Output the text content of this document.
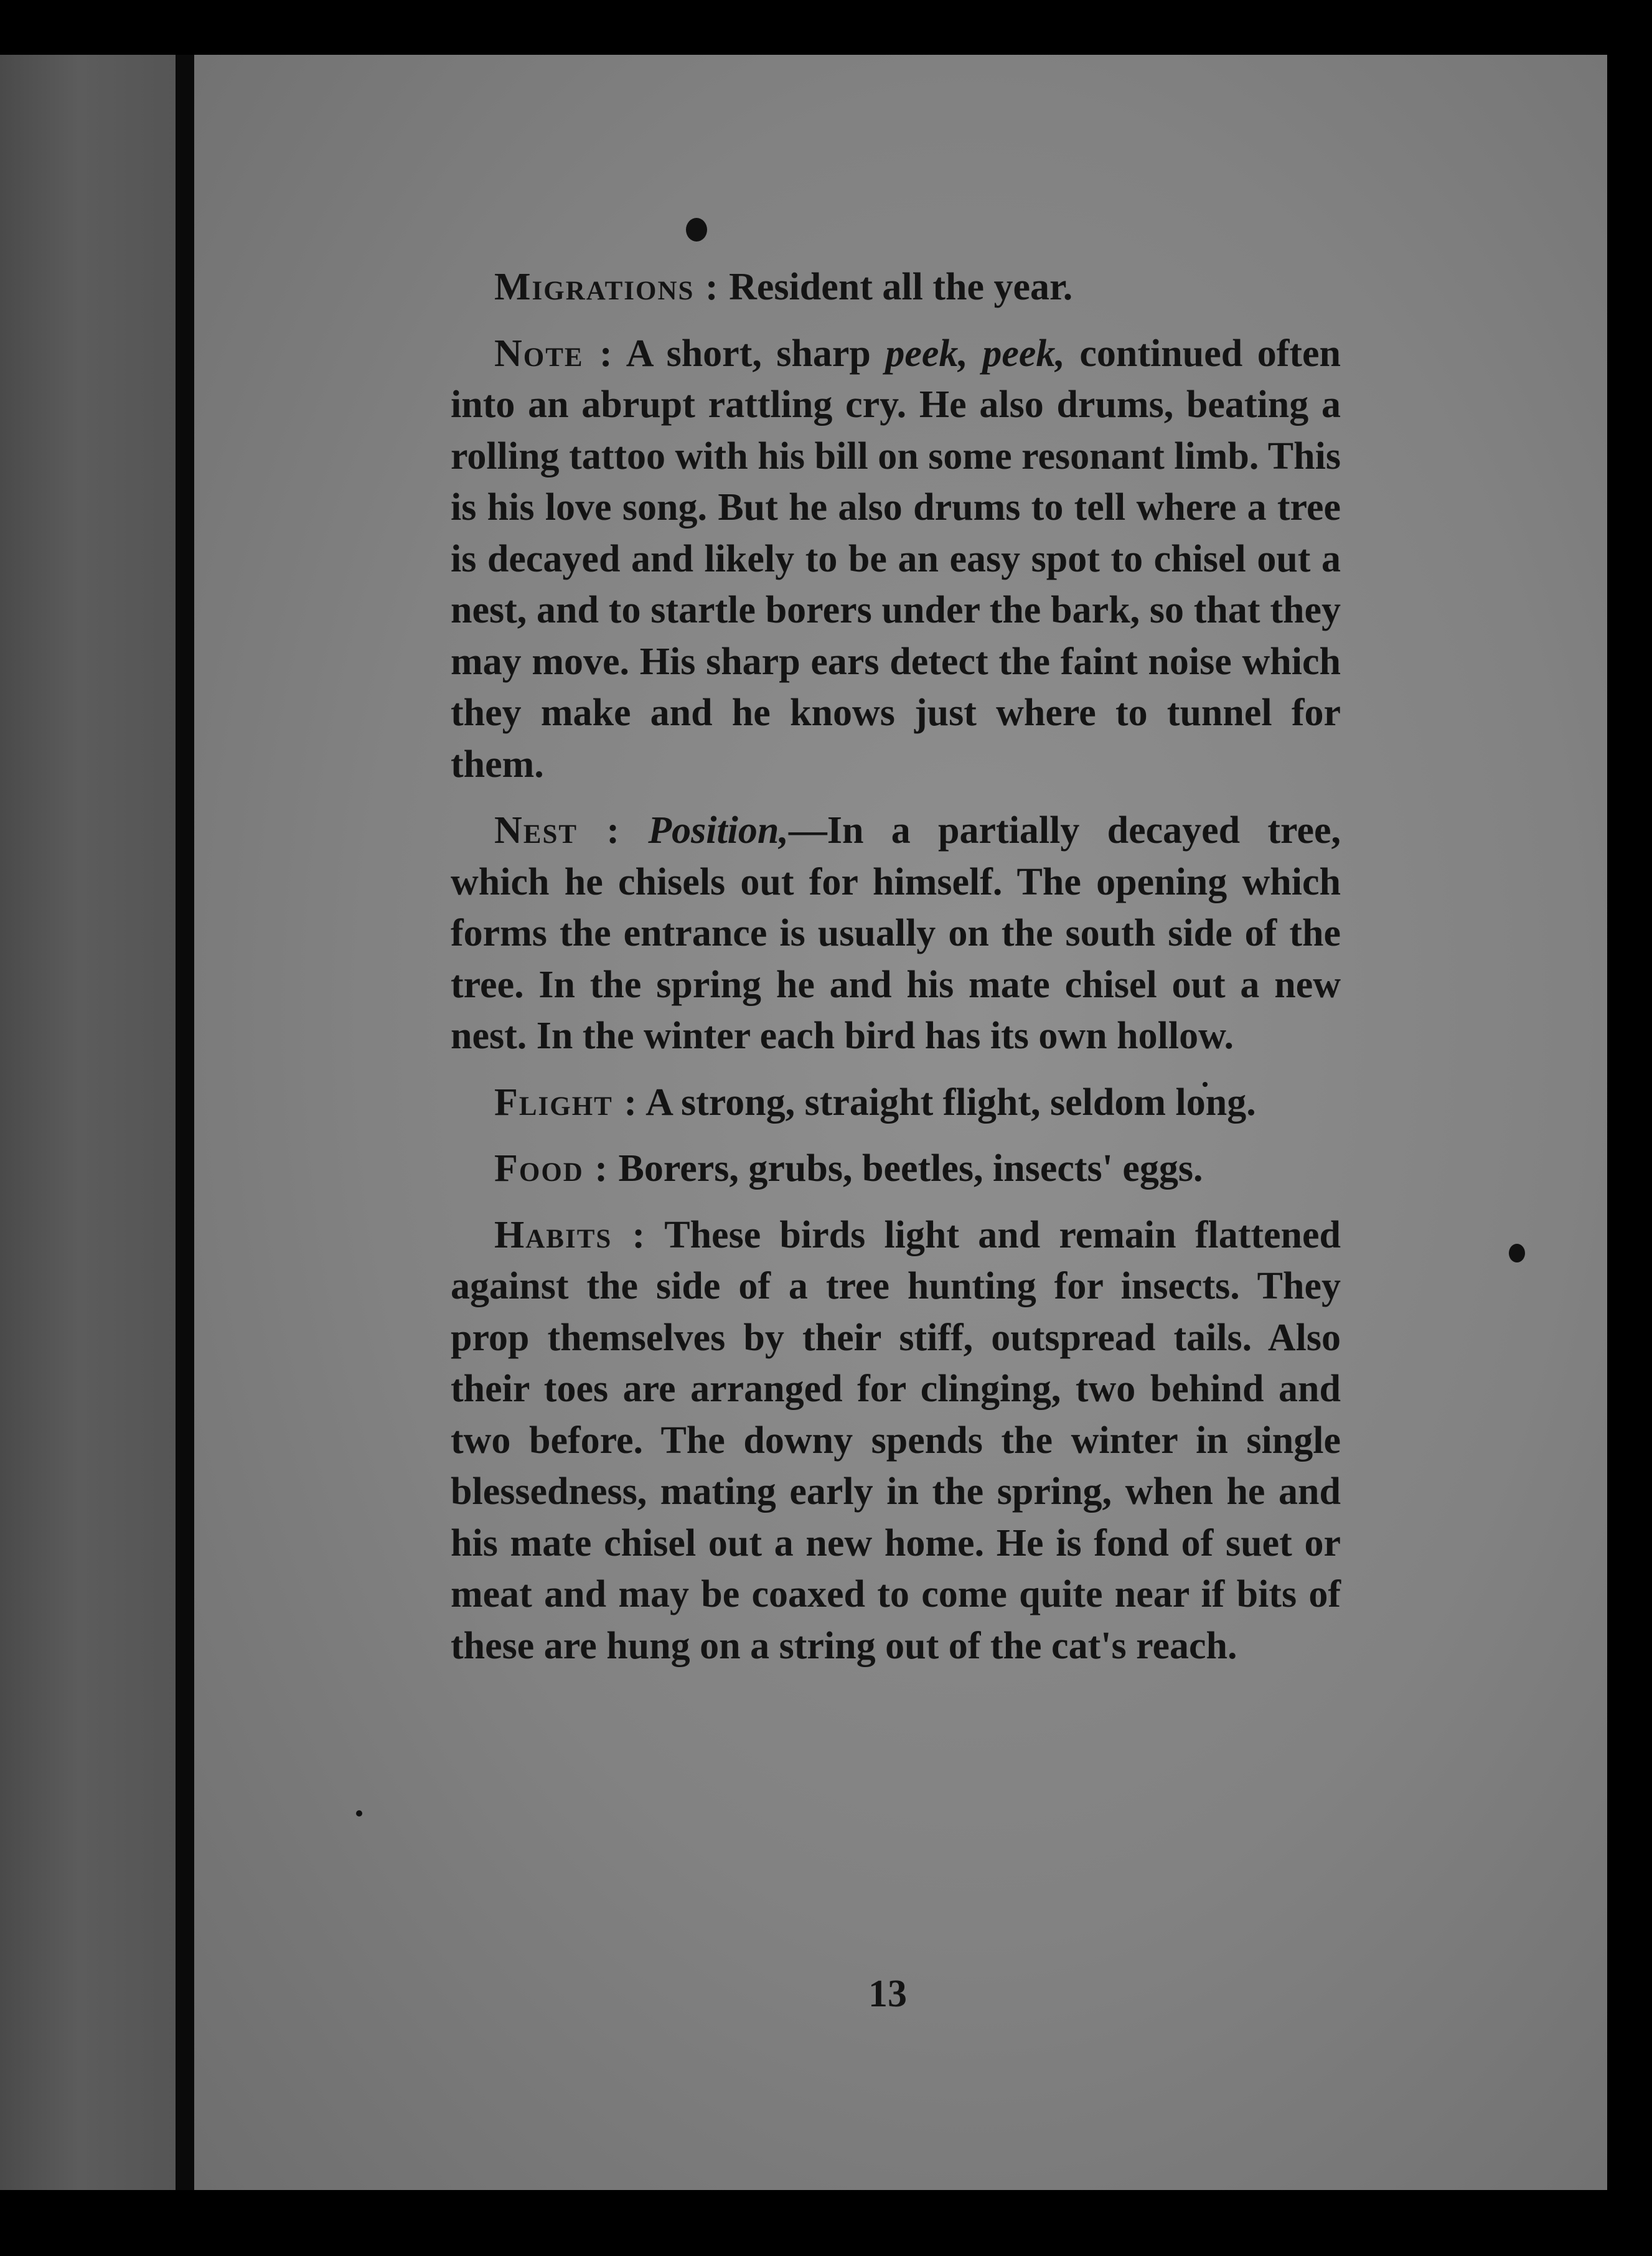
Migrations : Resident all the year.

Note : A short, sharp peek, peek, continued often into an abrupt rattling cry. He also drums, beating a rolling tattoo with his bill on some resonant limb. This is his love song. But he also drums to tell where a tree is decayed and likely to be an easy spot to chisel out a nest, and to startle borers under the bark, so that they may move. His sharp ears detect the faint noise which they make and he knows just where to tunnel for them.

Nest : Position,—In a partially decayed tree, which he chisels out for himself. The opening which forms the entrance is usually on the south side of the tree. In the spring he and his mate chisel out a new nest. In the winter each bird has its own hollow.

Flight : A strong, straight flight, seldom long.

Food : Borers, grubs, beetles, insects' eggs.

Habits : These birds light and remain flattened against the side of a tree hunting for insects. They prop themselves by their stiff, outspread tails. Also their toes are arranged for clinging, two behind and two before. The downy spends the winter in single blessedness, mating early in the spring, when he and his mate chisel out a new home. He is fond of suet or meat and may be coaxed to come quite near if bits of these are hung on a string out of the cat's reach.

13
